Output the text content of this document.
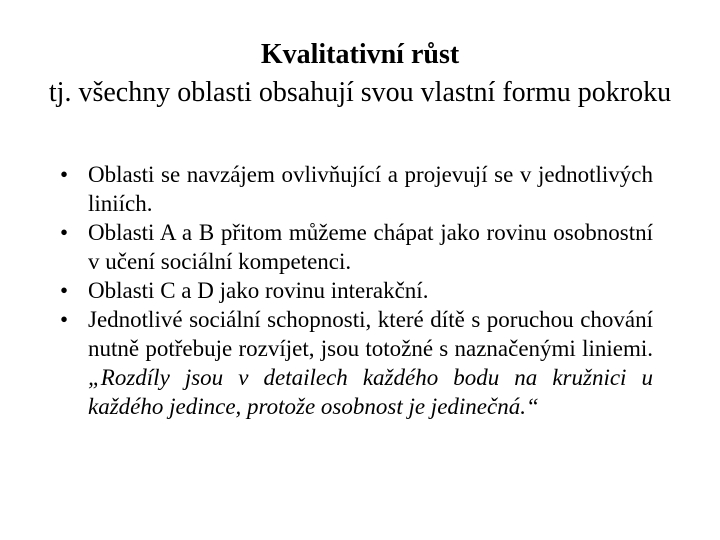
Kvalitativní růst
tj. všechny oblasti obsahují svou vlastní formu pokroku
• Oblasti se navzájem ovlivňující a projevují se v jednotlivých liniích.
• Oblasti A a B přitom můžeme chápat jako rovinu osobnostní v učení sociální kompetenci.
• Oblasti C a D jako rovinu interakční.
• Jednotlivé sociální schopnosti, které dítě s poruchou chování nutně potřebuje rozvíjet, jsou totožné s naznačenými liniemi. „Rozdíly jsou v detailech každého bodu na kružnici u každého jedince, protože osobnost je jedinečná.“
